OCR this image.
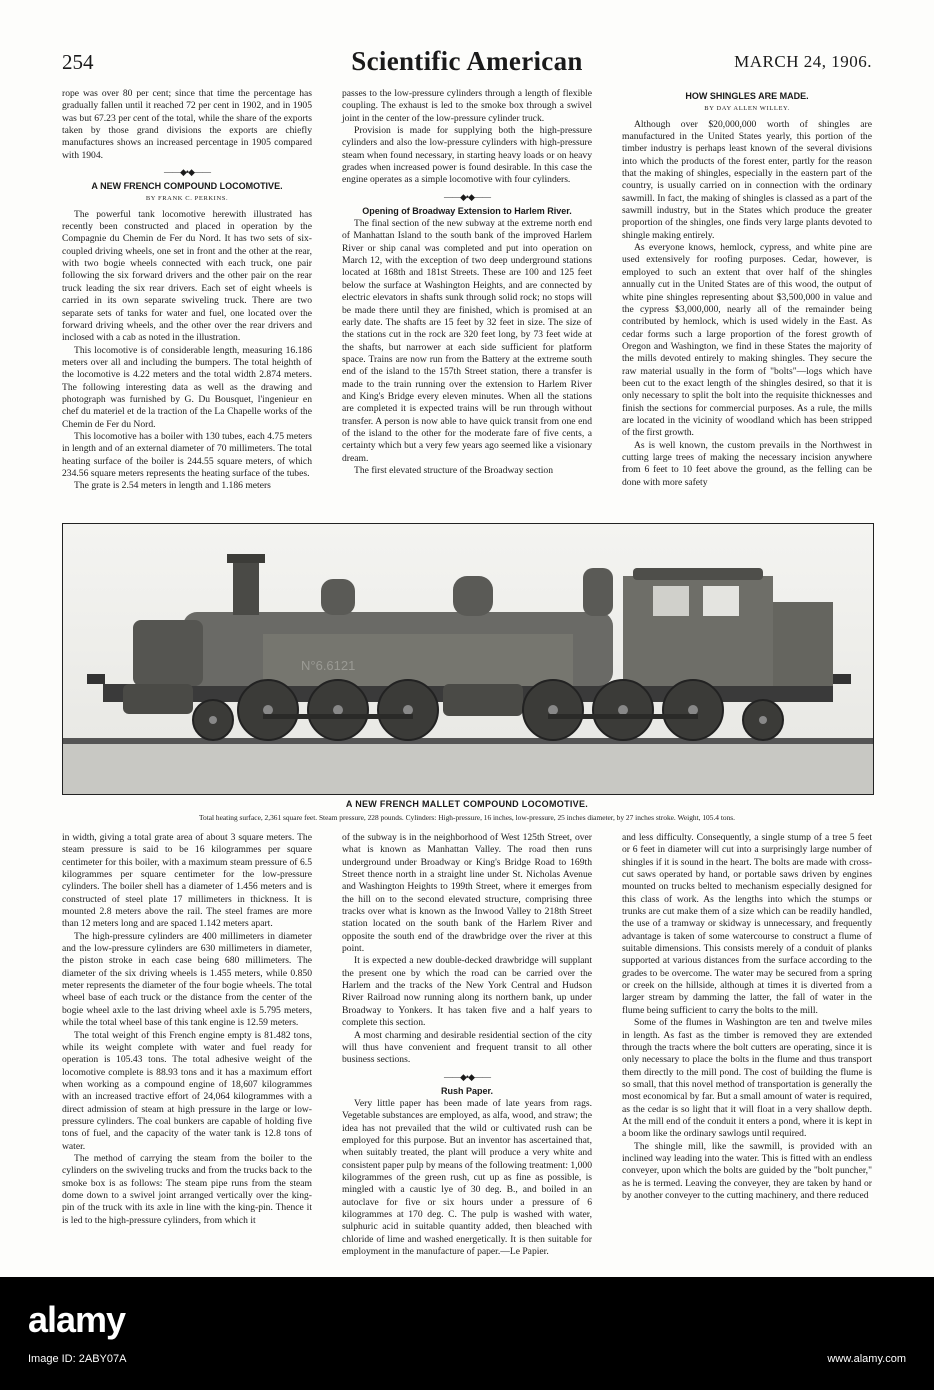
254	Scientific American	MARCH 24, 1906.

rope was over 80 per cent; since that time the percentage has gradually fallen until it reached 72 per cent in 1902, and in 1905 was but 67.23 per cent of the total, while the share of the exports taken by those grand divisions the exports are chiefly manufactures shows an increased percentage in 1905 compared with 1904.

——◆•◆——
A NEW FRENCH COMPOUND LOCOMOTIVE.
BY FRANK C. PERKINS.

The powerful tank locomotive herewith illustrated has recently been constructed and placed in operation by the Compagnie du Chemin de Fer du Nord. It has two sets of six-coupled driving wheels, one set in front and the other at the rear, with two bogie wheels connected with each truck, one pair following the six forward drivers and the other pair on the rear truck leading the six rear drivers. Each set of eight wheels is carried in its own separate swiveling truck. There are two separate sets of tanks for water and fuel, one located over the forward driving wheels, and the other over the rear drivers and inclosed with a cab as noted in the illustration.

This locomotive is of considerable length, measuring 16.186 meters over all and including the bumpers. The total heighth of the locomotive is 4.22 meters and the total width 2.874 meters. The following interesting data as well as the drawing and photograph was furnished by G. Du Bousquet, l'ingenieur en chef du materiel et de la traction of the La Chapelle works of the Chemin de Fer du Nord.

This locomotive has a boiler with 130 tubes, each 4.75 meters in length and of an external diameter of 70 millimeters. The total heating surface of the boiler is 244.55 square meters, of which 234.56 square meters represents the heating surface of the tubes.

The grate is 2.54 meters in length and 1.186 meters

passes to the low-pressure cylinders through a length of flexible coupling. The exhaust is led to the smoke box through a swivel joint in the center of the low-pressure cylinder truck.

Provision is made for supplying both the high-pressure cylinders and also the low-pressure cylinders with high-pressure steam when found necessary, in starting heavy loads or on heavy grades when increased power is found desirable. In this case the engine operates as a simple locomotive with four cylinders.

——◆•◆——
Opening of Broadway Extension to Harlem River.

The final section of the new subway at the extreme north end of Manhattan Island to the south bank of the improved Harlem River or ship canal was completed and put into operation on March 12, with the exception of two deep underground stations located at 168th and 181st Streets. These are 100 and 125 feet below the surface at Washington Heights, and are connected by electric elevators in shafts sunk through solid rock; no stops will be made there until they are finished, which is promised at an early date. The shafts are 15 feet by 32 feet in size. The size of the stations cut in the rock are 320 feet long, by 73 feet wide at the shafts, but narrower at each side sufficient for platform space. Trains are now run from the Battery at the extreme south end of the island to the 157th Street station, there a transfer is made to the train running over the extension to Harlem River and King's Bridge every eleven minutes. When all the stations are completed it is expected trains will be run through without transfer. A person is now able to have quick transit from one end of the island to the other for the moderate fare of five cents, a certainty which but a very few years ago seemed like a visionary dream.

The first elevated structure of the Broadway section

HOW SHINGLES ARE MADE.
BY DAY ALLEN WILLEY.

Although over $20,000,000 worth of shingles are manufactured in the United States yearly, this portion of the timber industry is perhaps least known of the several divisions into which the products of the forest enter, partly for the reason that the making of shingles, especially in the eastern part of the country, is usually carried on in connection with the ordinary sawmill. In fact, the making of shingles is classed as a part of the sawmill industry, but in the States which produce the greater proportion of the shingles, one finds very large plants devoted to shingle making entirely.

As everyone knows, hemlock, cypress, and white pine are used extensively for roofing purposes. Cedar, however, is employed to such an extent that over half of the shingles annually cut in the United States are of this wood, the output of white pine shingles representing about $3,500,000 in value and the cypress $3,000,000, nearly all of the remainder being contributed by hemlock, which is used widely in the East. As cedar forms such a large proportion of the forest growth of Oregon and Washington, we find in these States the majority of the mills devoted entirely to making shingles. They secure the raw material usually in the form of "bolts"—logs which have been cut to the exact length of the shingles desired, so that it is only necessary to split the bolt into the requisite thicknesses and finish the sections for commercial purposes. As a rule, the mills are located in the vicinity of woodland which has been stripped of the first growth.

As is well known, the custom prevails in the Northwest in cutting large trees of making the necessary incision anywhere from 6 feet to 10 feet above the ground, as the felling can be done with more safety

N°6.6121
A NEW FRENCH MALLET COMPOUND LOCOMOTIVE.
Total heating surface, 2,361 square feet. Steam pressure, 228 pounds. Cylinders: High-pressure, 16 inches, low-pressure, 25 inches diameter, by 27 inches stroke. Weight, 105.4 tons.

in width, giving a total grate area of about 3 square meters. The steam pressure is said to be 16 kilogrammes per square centimeter for this boiler, with a maximum steam pressure of 6.5 kilogrammes per square centimeter for the low-pressure cylinders. The boiler shell has a diameter of 1.456 meters and is constructed of steel plate 17 millimeters in thickness. It is mounted 2.8 meters above the rail. The steel frames are more than 12 meters long and are spaced 1.142 meters apart.

The high-pressure cylinders are 400 millimeters in diameter and the low-pressure cylinders are 630 millimeters in diameter, the piston stroke in each case being 680 millimeters. The diameter of the six driving wheels is 1.455 meters, while 0.850 meter represents the diameter of the four bogie wheels. The total wheel base of each truck or the distance from the center of the bogie wheel axle to the last driving wheel axle is 5.795 meters, while the total wheel base of this tank engine is 12.59 meters.

The total weight of this French engine empty is 81.482 tons, while its weight complete with water and fuel ready for operation is 105.43 tons. The total adhesive weight of the locomotive complete is 88.93 tons and it has a maximum effort when working as a compound engine of 18,607 kilogrammes with an increased tractive effort of 24,064 kilogrammes with a direct admission of steam at high pressure in the large or low-pressure cylinders. The coal bunkers are capable of holding five tons of fuel, and the capacity of the water tank is 12.8 tons of water.

The method of carrying the steam from the boiler to the cylinders on the swiveling trucks and from the trucks back to the smoke box is as follows: The steam pipe runs from the steam dome down to a swivel joint arranged vertically over the king-pin of the truck with its axle in line with the king-pin. Thence it is led to the high-pressure cylinders, from which it

of the subway is in the neighborhood of West 125th Street, over what is known as Manhattan Valley. The road then runs underground under Broadway or King's Bridge Road to 169th Street thence north in a straight line under St. Nicholas Avenue and Washington Heights to 199th Street, where it emerges from the hill on to the second elevated structure, comprising three tracks over what is known as the Inwood Valley to 218th Street station located on the south bank of the Harlem River and opposite the south end of the drawbridge over the river at this point.

It is expected a new double-decked drawbridge will supplant the present one by which the road can be carried over the Harlem and the tracks of the New York Central and Hudson River Railroad now running along its northern bank, up under Broadway to Yonkers. It has taken five and a half years to complete this section.

A most charming and desirable residential section of the city will thus have convenient and frequent transit to all other business sections.

——◆•◆——
Rush Paper.

Very little paper has been made of late years from rags. Vegetable substances are employed, as alfa, wood, and straw; the idea has not prevailed that the wild or cultivated rush can be employed for this purpose. But an inventor has ascertained that, when suitably treated, the plant will produce a very white and consistent paper pulp by means of the following treatment: 1,000 kilogrammes of the green rush, cut up as fine as possible, is mingled with a caustic lye of 30 deg. B., and boiled in an autoclave for five or six hours under a pressure of 6 kilogrammes at 170 deg. C. The pulp is washed with water, sulphuric acid in suitable quantity added, then bleached with chloride of lime and washed energetically. It is then suitable for employment in the manufacture of paper.—Le Papier.

and less difficulty. Consequently, a single stump of a tree 5 feet or 6 feet in diameter will cut into a surprisingly large number of shingles if it is sound in the heart. The bolts are made with cross-cut saws operated by hand, or portable saws driven by engines mounted on trucks belted to mechanism especially designed for this class of work. As the lengths into which the stumps or trunks are cut make them of a size which can be readily handled, the use of a tramway or skidway is unnecessary, and frequently advantage is taken of some watercourse to construct a flume of suitable dimensions. This consists merely of a conduit of planks supported at various distances from the surface according to the grades to be overcome. The water may be secured from a spring or creek on the hillside, although at times it is diverted from a larger stream by damming the latter, the fall of water in the flume being sufficient to carry the bolts to the mill.

Some of the flumes in Washington are ten and twelve miles in length. As fast as the timber is removed they are extended through the tracts where the bolt cutters are operating, since it is only necessary to place the bolts in the flume and thus transport them directly to the mill pond. The cost of building the flume is so small, that this novel method of transportation is generally the most economical by far. But a small amount of water is required, as the cedar is so light that it will float in a very shallow depth. At the mill end of the conduit it enters a pond, where it is kept in a boom like the ordinary sawlogs until required.

The shingle mill, like the sawmill, is provided with an inclined way leading into the water. This is fitted with an endless conveyer, upon which the bolts are guided by the "bolt puncher," as he is termed. Leaving the conveyer, they are taken by hand or by another conveyer to the cutting machinery, and there reduced

alamy
Image ID: 2ABY07A	www.alamy.com
